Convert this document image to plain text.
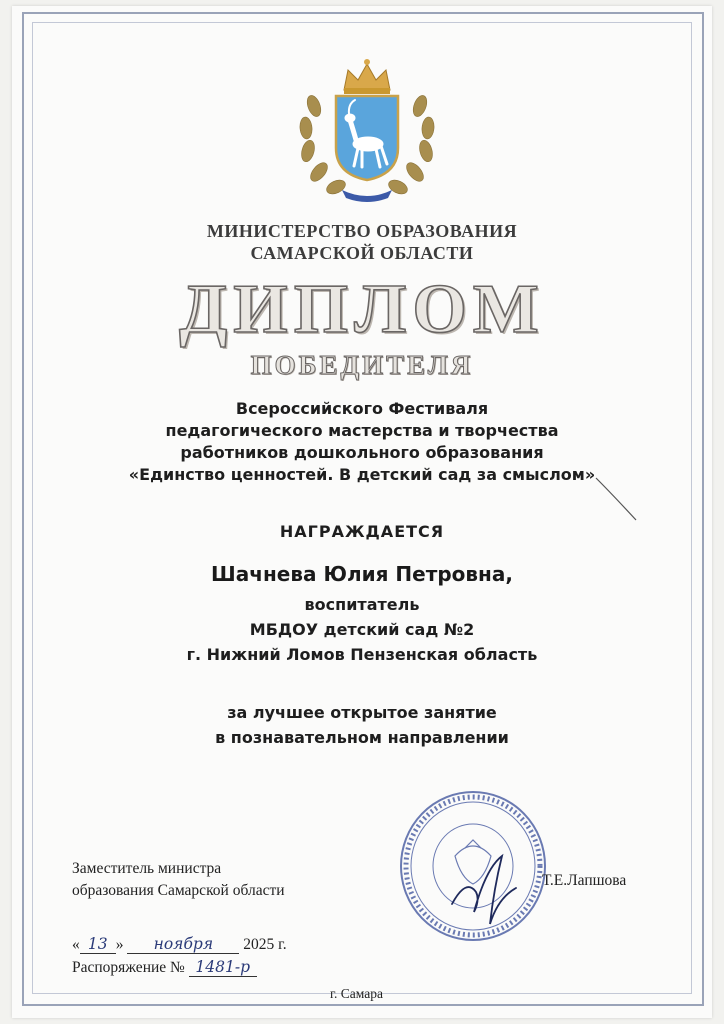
МИНИСТЕРСТВО ОБРАЗОВАНИЯ
САМАРСКОЙ ОБЛАСТИ
ДИПЛОМ
ПОБЕДИТЕЛЯ
Всероссийского Фестиваля
педагогического мастерства и творчества
работников дошкольного образования
«Единство ценностей. В детский сад за смыслом»
НАГРАЖДАЕТСЯ
Шачнева Юлия Петровна,
воспитатель
МБДОУ детский сад №2
г. Нижний Ломов Пензенская область
за лучшее открытое занятие
в познавательном направлении
Заместитель министра
образования Самарской области
Т.Е.Лапшова
« 13 » ноября 2025 г.
Распоряжение № 1481-р
г. Самара
